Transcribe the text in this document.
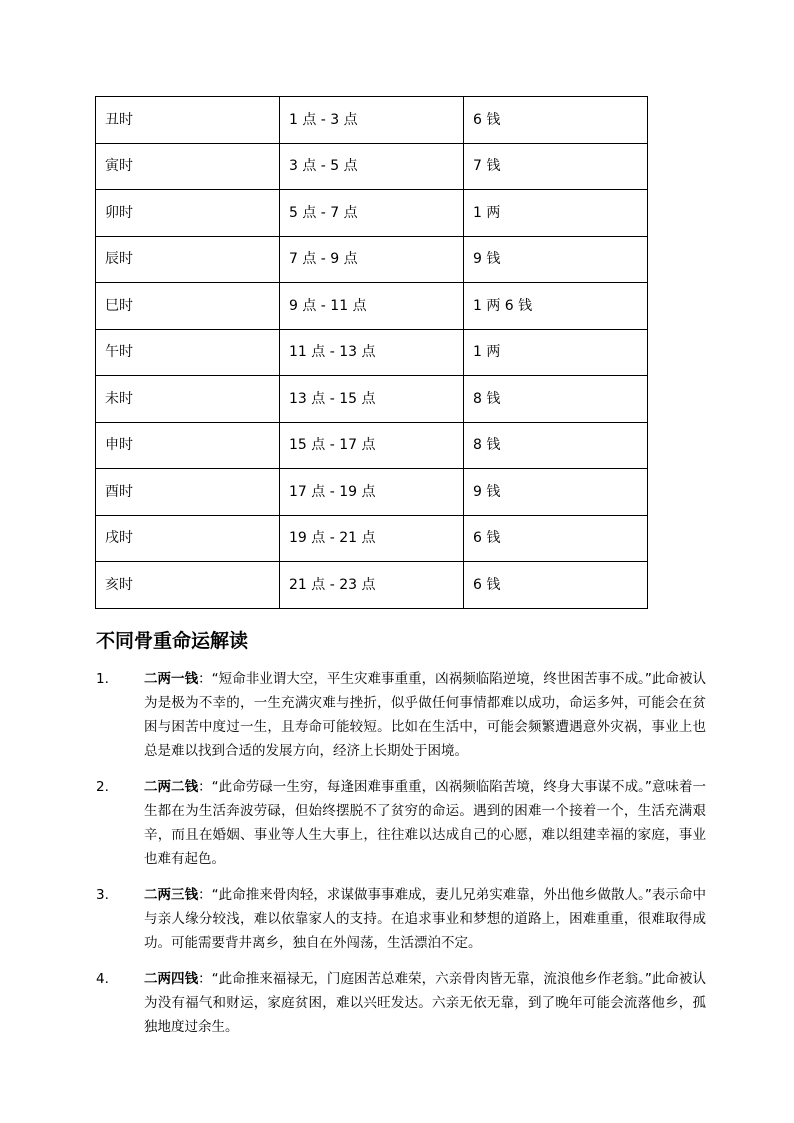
丑时	1 点 - 3 点	6 钱
寅时	3 点 - 5 点	7 钱
卯时	5 点 - 7 点	1 两
辰时	7 点 - 9 点	9 钱
巳时	9 点 - 11 点	1 两 6 钱
午时	11 点 - 13 点	1 两
未时	13 点 - 15 点	8 钱
申时	15 点 - 17 点	8 钱
酉时	17 点 - 19 点	9 钱
戌时	19 点 - 21 点	6 钱
亥时	21 点 - 23 点	6 钱
不同骨重命运解读
1.	二两一钱：“短命非业谓大空，平生灾难事重重，凶祸频临陷逆境，终世困苦事不成。”此命被认为是极为不幸的，一生充满灾难与挫折，似乎做任何事情都难以成功，命运多舛，可能会在贫困与困苦中度过一生，且寿命可能较短。比如在生活中，可能会频繁遭遇意外灾祸，事业上也总是难以找到合适的发展方向，经济上长期处于困境。
2.	二两二钱：“此命劳碌一生穷，每逢困难事重重，凶祸频临陷苦境，终身大事谋不成。”意味着一生都在为生活奔波劳碌，但始终摆脱不了贫穷的命运。遇到的困难一个接着一个，生活充满艰辛，而且在婚姻、事业等人生大事上，往往难以达成自己的心愿，难以组建幸福的家庭，事业也难有起色。
3.	二两三钱：“此命推来骨肉轻，求谋做事事难成，妻儿兄弟实难靠，外出他乡做散人。”表示命中与亲人缘分较浅，难以依靠家人的支持。在追求事业和梦想的道路上，困难重重，很难取得成功。可能需要背井离乡，独自在外闯荡，生活漂泊不定。
4.	二两四钱：“此命推来福禄无，门庭困苦总难荣，六亲骨肉皆无靠，流浪他乡作老翁。”此命被认为没有福气和财运，家庭贫困，难以兴旺发达。六亲无依无靠，到了晚年可能会流落他乡，孤独地度过余生。
